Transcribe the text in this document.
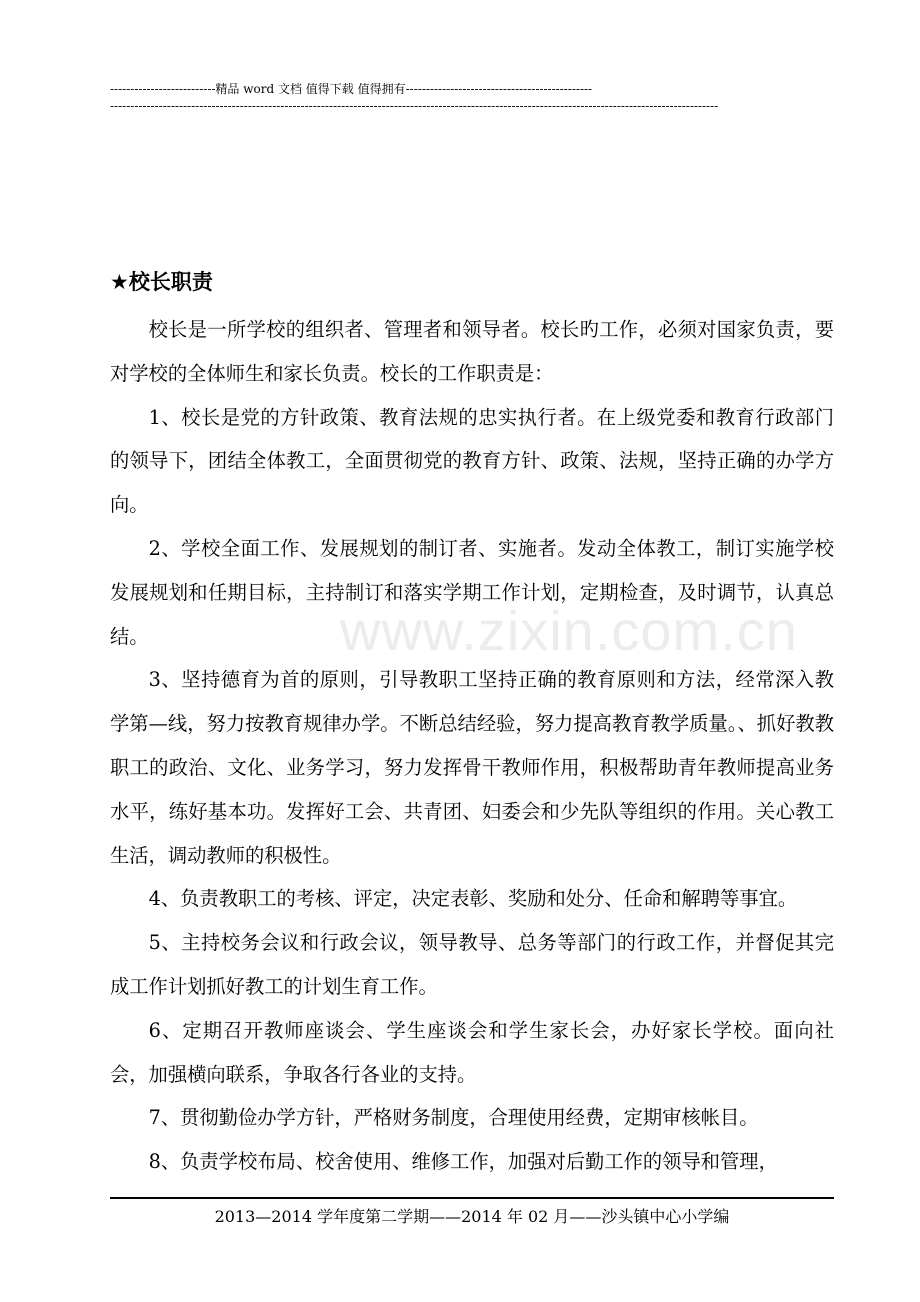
--------------------------精品 word 文档 值得下载 值得拥有----------------------------------------------
------------------------------------------------------------------------------------------------------------------------------------------------------
www.zixin.com.cn
★校长职责

校长是一所学校的组织者、管理者和领导者。校长旳工作，必须对国家负责，要对学校的全体师生和家长负责。校长的工作职责是：

1、校长是党的方针政策、教育法规的忠实执行者。在上级党委和教育行政部门的领导下，团结全体教工，全面贯彻党的教育方针、政策、法规，坚持正确的办学方向。

2、学校全面工作、发展规划的制订者、实施者。发动全体教工，制订实施学校发展规划和任期目标，主持制订和落实学期工作计划，定期检查，及时调节，认真总结。

3、坚持德育为首的原则，引导教职工坚持正确的教育原则和方法，经常深入教学第—线，努力按教育规律办学。不断总结经验，努力提高教育教学质量。、抓好教教职工的政治、文化、业务学习，努力发挥骨干教师作用，积极帮助青年教师提高业务水平，练好基本功。发挥好工会、共青团、妇委会和少先队等组织的作用。关心教工生活，调动教师的积极性。

4、负责教职工的考核、评定，决定表彰、奖励和处分、任命和解聘等事宜。

5、主持校务会议和行政会议，领导教导、总务等部门的行政工作，并督促其完成工作计划抓好教工的计划生育工作。

6、定期召开教师座谈会、学生座谈会和学生家长会，办好家长学校。面向社会，加强横向联系，争取各行各业的支持。

7、贯彻勤俭办学方针，严格财务制度，合理使用经费，定期审核帐目。

8、负责学校布局、校舍使用、维修工作，加强对后勤工作的领导和管理，

2013—2014 学年度第二学期——2014 年 02 月——沙头镇中心小学编
